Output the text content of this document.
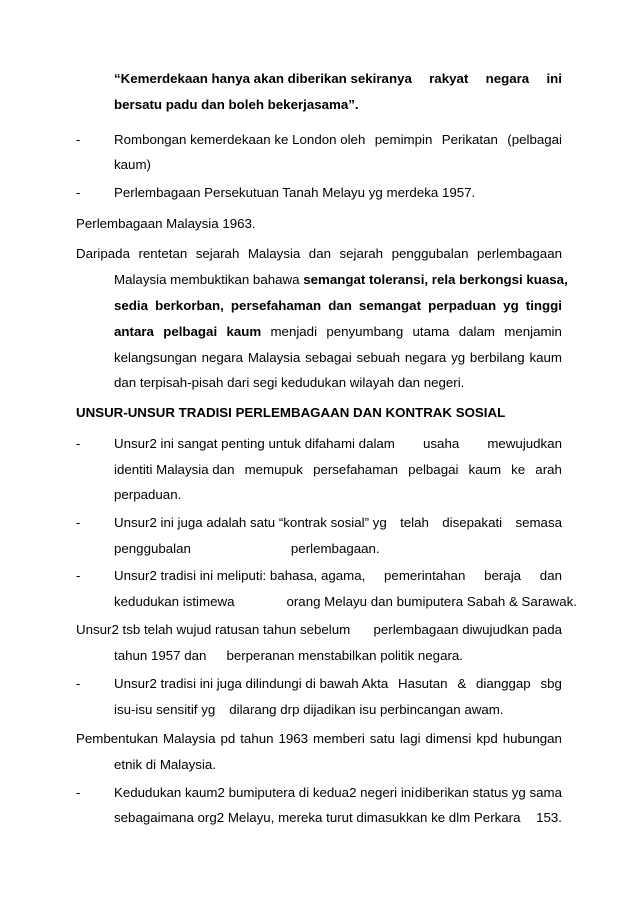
“Kemerdekaan hanya akan diberikan sekiranya rakyat negara ini
bersatu padu dan boleh bekerjasama”.
-	Rombongan kemerdekaan ke London oleh pemimpin Perikatan (pelbagai
kaum)
-	Perlembagaan Persekutuan Tanah Melayu yg merdeka 1957.
Perlembagaan Malaysia 1963.
Daripada rentetan sejarah Malaysia dan sejarah penggubalan perlembagaan
Malaysia membuktikan bahawa semangat toleransi, rela berkongsi kuasa,
sedia berkorban, persefahaman dan semangat perpaduan yg tinggi
antara pelbagai kaum menjadi penyumbang utama dalam menjamin
kelangsungan negara Malaysia sebagai sebuah negara yg berbilang kaum
dan terpisah-pisah dari segi kedudukan wilayah dan negeri.
UNSUR-UNSUR TRADISI PERLEMBAGAAN DAN KONTRAK SOSIAL
-	Unsur2 ini sangat penting untuk difahami dalam usaha mewujudkan
identiti Malaysia dan memupuk persefahaman pelbagai kaum ke arah
perpaduan.
-	Unsur2 ini juga adalah satu “kontrak sosial” yg telah disepakati semasa
penggubalan	perlembagaan.
-	Unsur2 tradisi ini meliputi: bahasa, agama, pemerintahan beraja dan
kedudukan istimewa	orang Melayu dan bumiputera Sabah & Sarawak.
Unsur2 tsb telah wujud ratusan tahun sebelum perlembagaan diwujudkan pada
tahun 1957 dan berperanan menstabilkan politik negara.
-	Unsur2 tradisi ini juga dilindungi di bawah Akta Hasutan & dianggap sbg
isu-isu sensitif yg dilarang drp dijadikan isu perbincangan awam.
Pembentukan Malaysia pd tahun 1963 memberi satu lagi dimensi kpd hubungan
etnik di Malaysia.
-	Kedudukan kaum2 bumiputera di kedua2 negeri ini diberikan status yg sama
sebagaimana org2 Melayu, mereka turut dimasukkan ke dlm Perkara 153.
